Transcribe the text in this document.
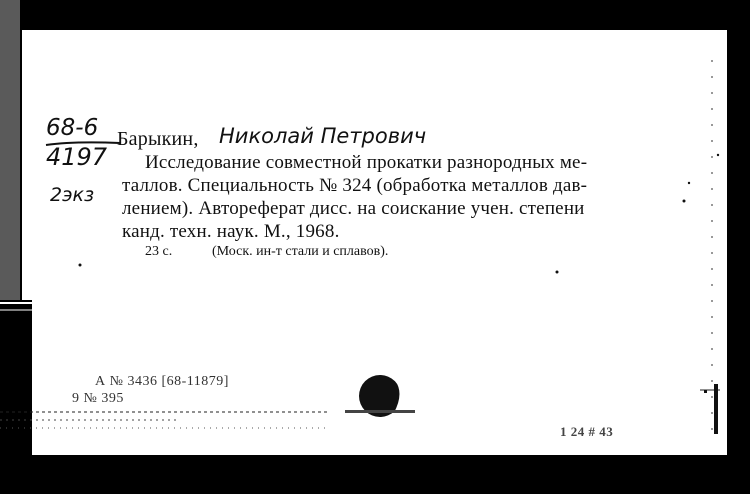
68-6
4197
2экз
Барыкин, Николай Петрович
Исследование совместной прокатки разнородных ме-
таллов. Специальность № 324 (обработка металлов дав-
лением). Автореферат дисс. на соискание учен. степени
канд. техн. наук. М., 1968.
23 с.	(Моск. ин-т стали и сплавов).
А № 3436 [68-11879]
9 № 395
1 24 # 43
